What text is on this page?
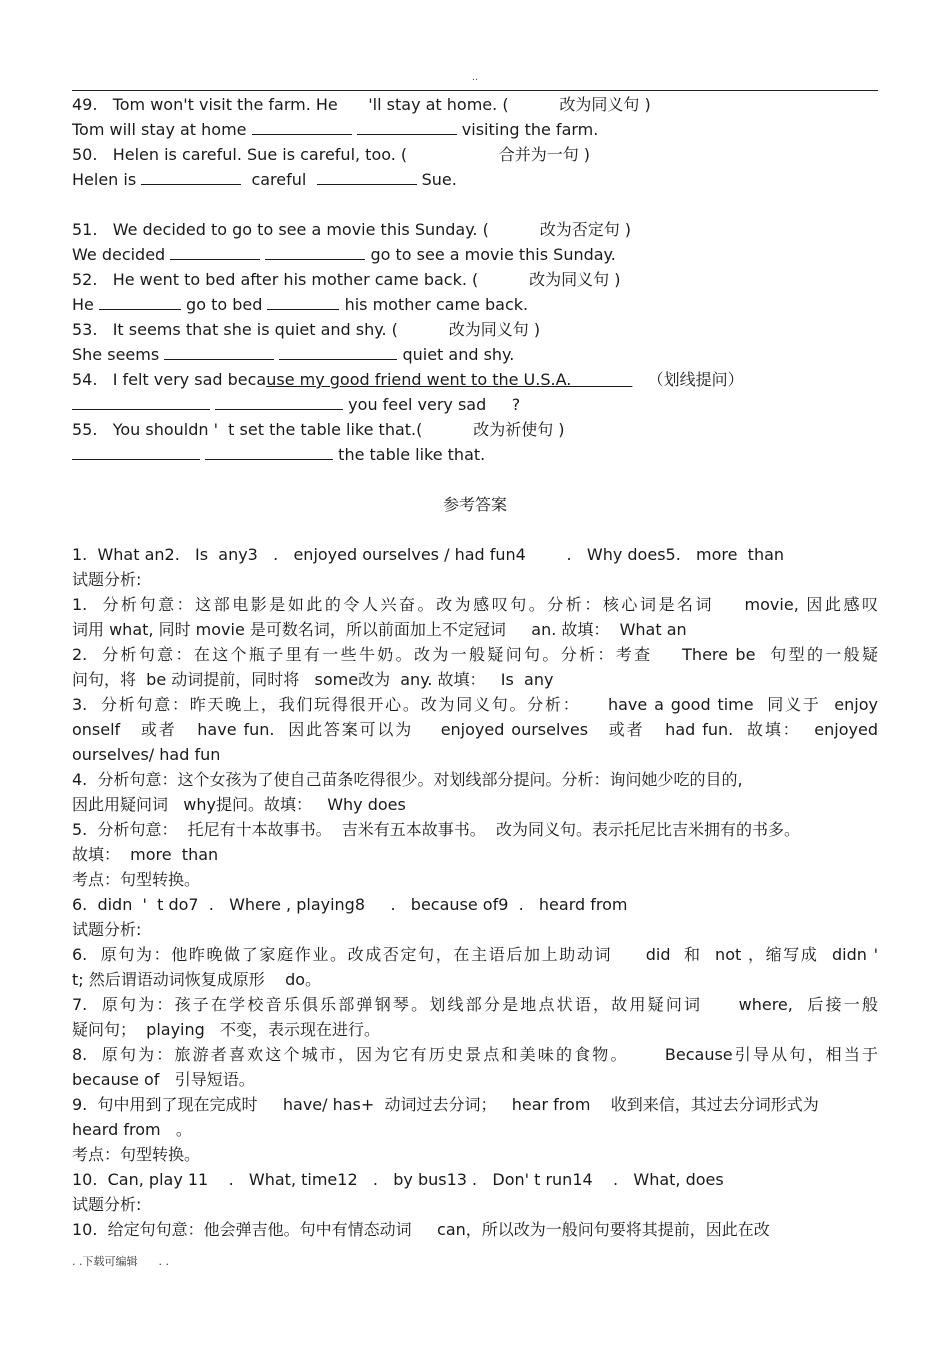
..
49.   Tom won't visit the farm. He      'll stay at home. (          改为同义句 )
Tom will stay at home	visiting the farm.
50.   Helen is careful. Sue is careful, too. (                  合并为一句 )
Helen is	careful	Sue.
51.   We decided to go to see a movie this Sunday. (          改为否定句 )
We decided	go to see a movie this Sunday.
52.   He went to bed after his mother came back. (          改为同义句 )
He	go to bed	his mother came back.
53.   It seems that she is quiet and shy. (          改为同义句 )
She seems	quiet and shy.
54.   I felt very sad because my good friend went to the U.S.A.               （划线提问）
you feel very sad     ?
55.   You shouldn '  t set the table like that.(          改为祈使句 )
the table like that.
参考答案
1.  What an2.   Is  any3   .   enjoyed ourselves / had fun4        .   Why does5.   more  than
试题分析:
1.  分析句意：这部电影是如此的令人兴奋。改为感叹句。分析：核心词是名词    movie, 因此感叹
词用 what, 同时 movie 是可数名词，所以前面加上不定冠词     an. 故填：  What an
2.  分析句意：在这个瓶子里有一些牛奶。改为一般疑问句。分析：考查    There be  句型的一般疑
问句，将  be 动词提前，同时将   some改为  any. 故填：   Is  any
3.  分析句意：昨天晚上，我们玩得很开心。改为同义句。分析：    have a good time  同义于  enjoy
onself   或者   have fun.  因此答案可以为    enjoyed ourselves   或者   had fun.  故填：  enjoyed
ourselves/ had fun
4.  分析句意：这个女孩为了使自己苗条吃得很少。对划线部分提问。分析：询问她少吃的目的,
因此用疑问词   why提问。故填：   Why does
5.  分析句意：  托尼有十本故事书。  吉米有五本故事书。  改为同义句。表示托尼比吉米拥有的书多。
故填：  more  than
考点：句型转换。
6.  didn  '  t do7  .   Where , playing8     .   because of9  .   heard from
试题分析:
6.  原句为：他昨晚做了家庭作业。改成否定句，在主语后加上助动词     did  和  not ，缩写成  didn '
t; 然后谓语动词恢复成原形    do。
7.  原句为：孩子在学校音乐俱乐部弹钢琴。划线部分是地点状语，故用疑问词     where,  后接一般
疑问句；  playing   不变，表示现在进行。
8.  原句为：旅游者喜欢这个城市，因为它有历史景点和美味的食物。     Because引导从句，相当于
because of   引导短语。
9.  句中用到了现在完成时     have/ has+  动词过去分词；   hear from    收到来信，其过去分词形式为
heard from   。
考点：句型转换。
10.  Can, play 11    .   What, time12   .   by bus13 .   Don' t run14    .   What, does
试题分析:
10.  给定句句意：他会弹吉他。句中有情态动词     can，所以改为一般问句要将其提前，因此在改
. .下载可编辑      . .
